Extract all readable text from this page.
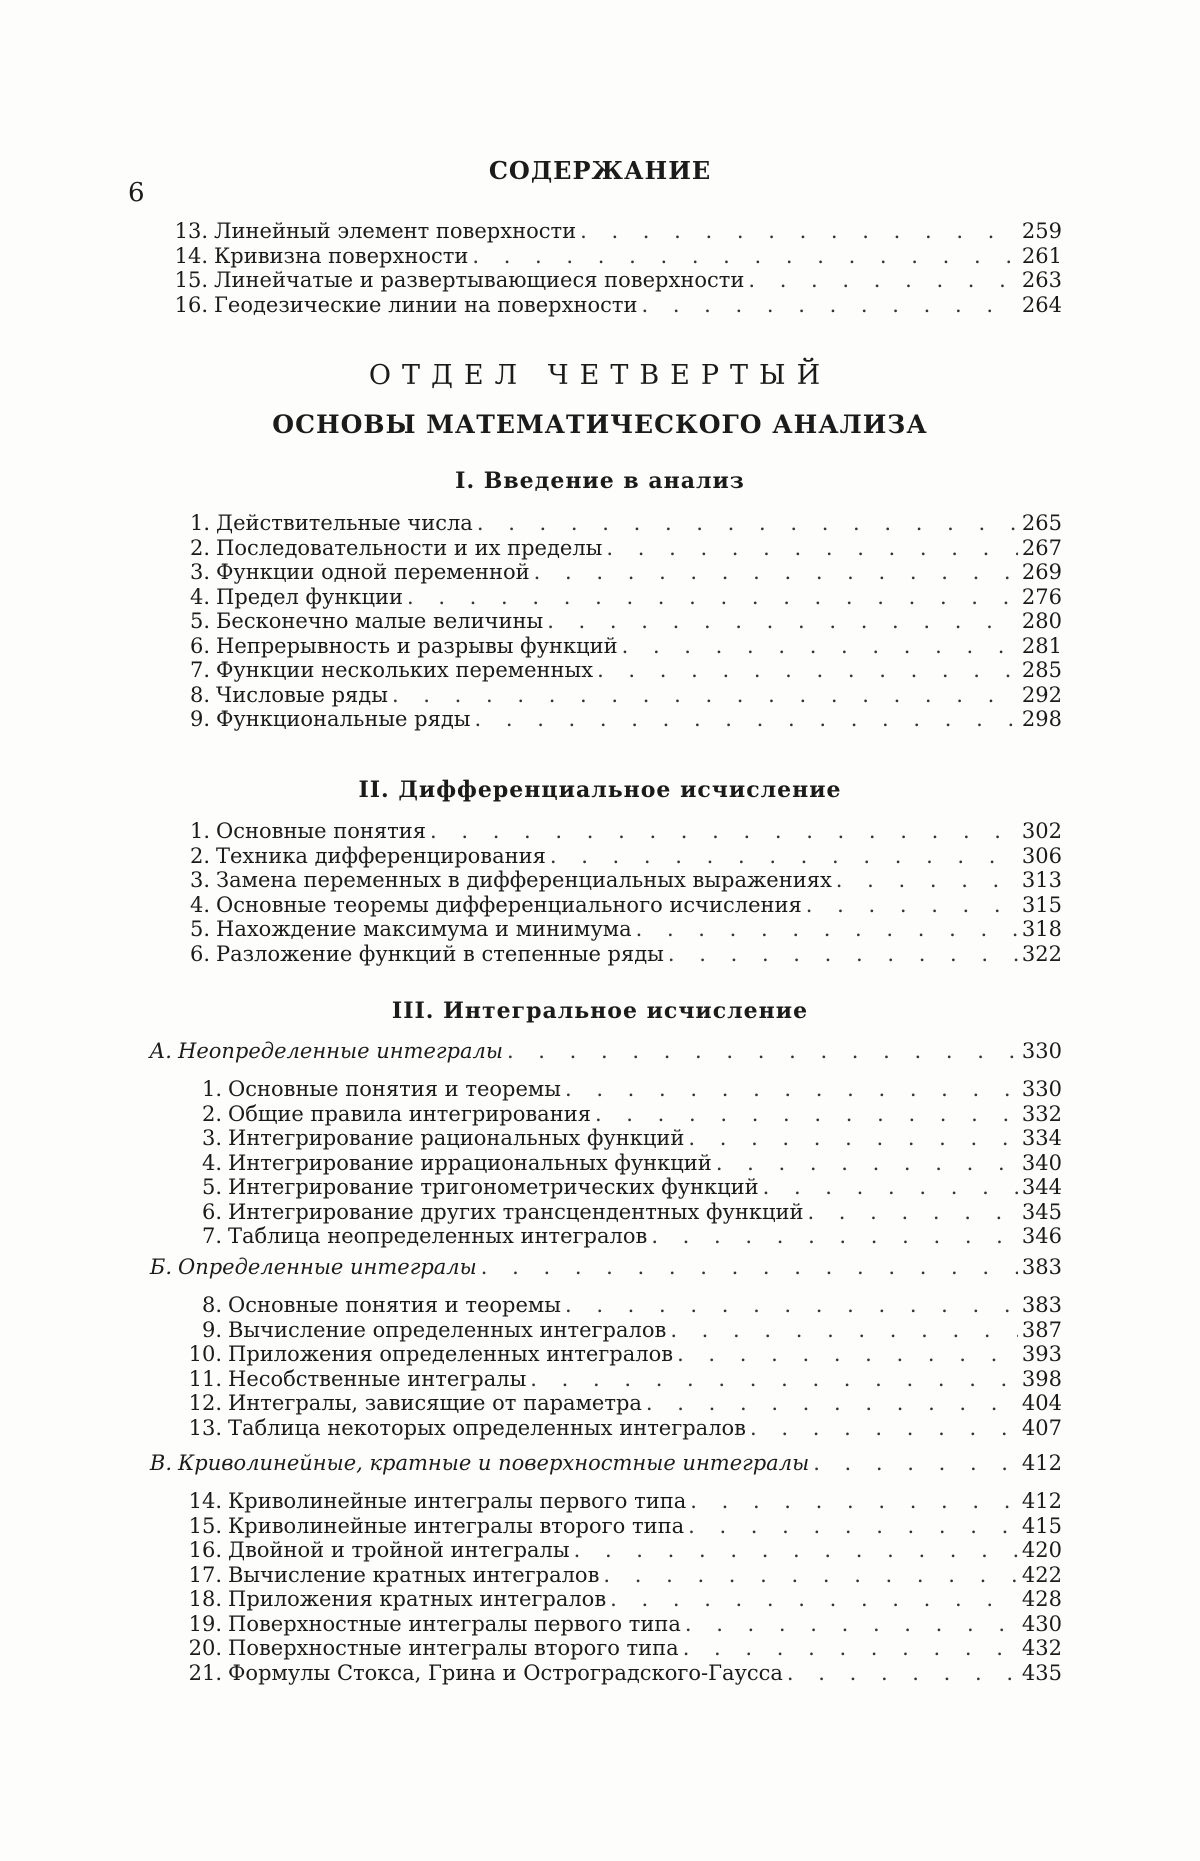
6
СОДЕРЖАНИЕ
13. Линейный элемент поверхности . . .	259
14. Кривизна поверхности . . .	261
15. Линейчатые и развертывающиеся поверхности . . .	263
16. Геодезические линии на поверхности . . .	264
1. Действительные числа . . .	265
2. Последовательности и их пределы . . .	267
3. Функции одной переменной . . .	269
4. Предел функции . . .	276
5. Бесконечно малые величины . . .	280
6. Непрерывность и разрывы функций . . .	281
7. Функции нескольких переменных . . .	285
8. Числовые ряды . . .	292
9. Функциональные ряды . . .	298
1. Основные понятия . . .	302
2. Техника дифференцирования . . .	306
3. Замена переменных в дифференциальных выражениях . . .	313
4. Основные теоремы дифференциального исчисления . . .	315
5. Нахождение максимума и минимума . . .	318
6. Разложение функций в степенные ряды . . .	322
А. Неопределенные интегралы . . .	330
1. Основные понятия и теоремы . . .	330
2. Общие правила интегрирования . . .	332
3. Интегрирование рациональных функций . . .	334
4. Интегрирование иррациональных функций . . .	340
5. Интегрирование тригонометрических функций . . .	344
6. Интегрирование других трансцендентных функций . . .	345
7. Таблица неопределенных интегралов . . .	346
Б. Определенные интегралы . . .	383
8. Основные понятия и теоремы . . .	383
9. Вычисление определенных интегралов . . .	387
10. Приложения определенных интегралов . . .	393
11. Несобственные интегралы . . .	398
12. Интегралы, зависящие от параметра . . .	404
13. Таблица некоторых определенных интегралов . . .	407
В. Криволинейные, кратные и поверхностные интегралы . . .	412
14. Криволинейные интегралы первого типа . . .	412
15. Криволинейные интегралы второго типа . . .	415
16. Двойной и тройной интегралы . . .	420
17. Вычисление кратных интегралов . . .	422
18. Приложения кратных интегралов . . .	428
19. Поверхностные интегралы первого типа . . .	430
20. Поверхностные интегралы второго типа . . .	432
21. Формулы Стокса, Грина и Остроградского-Гаусса . . .	435
ОТДЕЛ ЧЕТВЕРТЫЙ
ОСНОВЫ МАТЕМАТИЧЕСКОГО АНАЛИЗА
I. Введение в анализ
II. Дифференциальное исчисление
III. Интегральное исчисление
